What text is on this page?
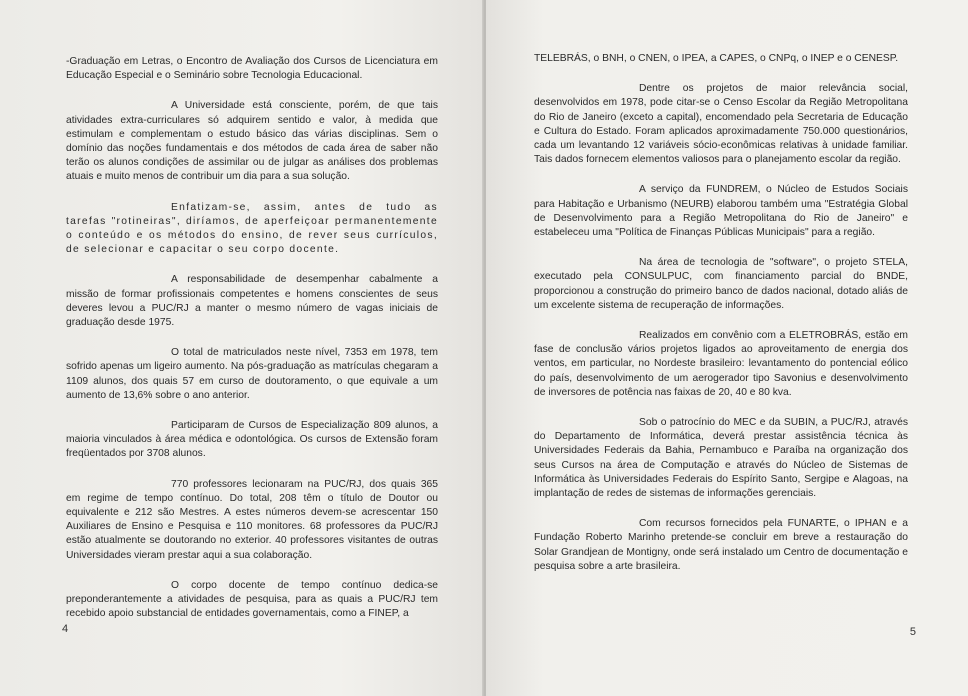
-Graduação em Letras, o Encontro de Avaliação dos Cursos de Licenciatura em Educação Especial e o Seminário sobre Tecnologia Educacional.

A Universidade está consciente, porém, de que tais atividades extra-curriculares só adquirem sentido e valor, à medida que estimulam e complementam o estudo básico das várias disciplinas. Sem o domínio das noções fundamentais e dos métodos de cada área de saber não terão os alunos condições de assimilar ou de julgar as análises dos problemas atuais e muito menos de contribuir um dia para a sua solução.

Enfatizam-se, assim, antes de tudo as tarefas "rotineiras", diríamos, de aperfeiçoar permanentemente o conteúdo e os métodos do ensino, de rever seus currículos, de selecionar e capacitar o seu corpo docente.

A responsabilidade de desempenhar cabalmente a missão de formar profissionais competentes e homens conscientes de seus deveres levou a PUC/RJ a manter o mesmo número de vagas iniciais de graduação desde 1975.

O total de matriculados neste nível, 7353 em 1978, tem sofrido apenas um ligeiro aumento. Na pós-graduação as matrículas chegaram a 1109 alunos, dos quais 57 em curso de doutoramento, o que equivale a um aumento de 13,6% sobre o ano anterior.

Participaram de Cursos de Especialização 809 alunos, a maioria vinculados à área médica e odontológica. Os cursos de Extensão foram freqüentados por 3708 alunos.

770 professores lecionaram na PUC/RJ, dos quais 365 em regime de tempo contínuo. Do total, 208 têm o título de Doutor ou equivalente e 212 são Mestres. A estes números devem-se acrescentar 150 Auxiliares de Ensino e Pesquisa e 110 monitores. 68 professores da PUC/RJ estão atualmente se doutorando no exterior. 40 professores visitantes de outras Universidades vieram prestar aqui a sua colaboração.

O corpo docente de tempo contínuo dedica-se preponderantemente a atividades de pesquisa, para as quais a PUC/RJ tem recebido apoio substancial de entidades governamentais, como a FINEP, a

4

TELEBRÁS, o BNH, o CNEN, o IPEA, a CAPES, o CNPq, o INEP e o CENESP.

Dentre os projetos de maior relevância social, desenvolvidos em 1978, pode citar-se o Censo Escolar da Região Metropolitana do Rio de Janeiro (exceto a capital), encomendado pela Secretaria de Educação e Cultura do Estado. Foram aplicados aproximadamente 750.000 questionários, cada um levantando 12 variáveis sócio-econômicas relativas à unidade familiar. Tais dados fornecem elementos valiosos para o planejamento escolar da região.

A serviço da FUNDREM, o Núcleo de Estudos Sociais para Habitação e Urbanismo (NEURB) elaborou também uma "Estratégia Global de Desenvolvimento para a Região Metropolitana do Rio de Janeiro" e estabeleceu uma "Política de Finanças Públicas Municipais" para a região.

Na área de tecnologia de "software", o projeto STELA, executado pela CONSULPUC, com financiamento parcial do BNDE, proporcionou a construção do primeiro banco de dados nacional, dotado aliás de um excelente sistema de recuperação de informações.

Realizados em convênio com a ELETROBRÁS, estão em fase de conclusão vários projetos ligados ao aproveitamento de energia dos ventos, em particular, no Nordeste brasileiro: levantamento do pontencial eólico do país, desenvolvimento de um aerogerador tipo Savonius e desenvolvimento de inversores de potência nas faixas de 20, 40 e 80 kva.

Sob o patrocínio do MEC e da SUBIN, a PUC/RJ, através do Departamento de Informática, deverá prestar assistência técnica às Universidades Federais da Bahia, Pernambuco e Paraíba na organização dos seus Cursos na área de Computação e através do Núcleo de Sistemas de Informática às Universidades Federais do Espírito Santo, Sergipe e Alagoas, na implantação de redes de sistemas de informações gerenciais.

Com recursos fornecidos pela FUNARTE, o IPHAN e a Fundação Roberto Marinho pretende-se concluir em breve a restauração do Solar Grandjean de Montigny, onde será instalado um Centro de documentação e pesquisa sobre a arte brasileira.

5
